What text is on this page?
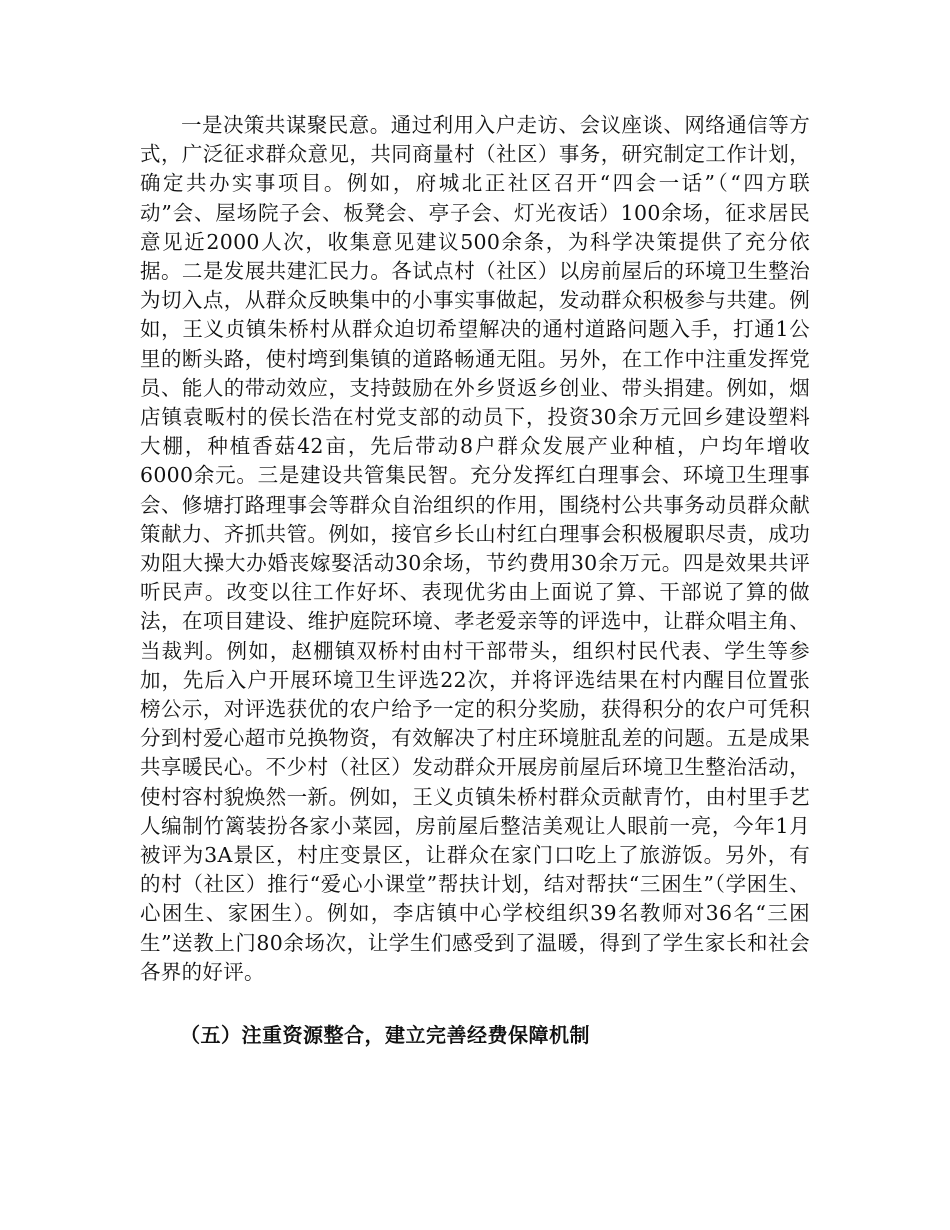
一是决策共谋聚民意。通过利用入户走访、会议座谈、网络通信等方式，广泛征求群众意见，共同商量村（社区）事务，研究制定工作计划，确定共办实事项目。例如，府城北正社区召开“四会一话”（“四方联动”会、屋场院子会、板凳会、亭子会、灯光夜话）100余场，征求居民意见近2000人次，收集意见建议500余条，为科学决策提供了充分依据。二是发展共建汇民力。各试点村（社区）以房前屋后的环境卫生整治为切入点，从群众反映集中的小事实事做起，发动群众积极参与共建。例如，王义贞镇朱桥村从群众迫切希望解决的通村道路问题入手，打通1公里的断头路，使村塆到集镇的道路畅通无阻。另外，在工作中注重发挥党员、能人的带动效应，支持鼓励在外乡贤返乡创业、带头捐建。例如，烟店镇袁畈村的侯长浩在村党支部的动员下，投资30余万元回乡建设塑料大棚，种植香菇42亩，先后带动8户群众发展产业种植，户均年增收6000余元。三是建设共管集民智。充分发挥红白理事会、环境卫生理事会、修塘打路理事会等群众自治组织的作用，围绕村公共事务动员群众献策献力、齐抓共管。例如，接官乡长山村红白理事会积极履职尽责，成功劝阻大操大办婚丧嫁娶活动30余场，节约费用30余万元。四是效果共评听民声。改变以往工作好坏、表现优劣由上面说了算、干部说了算的做法，在项目建设、维护庭院环境、孝老爱亲等的评选中，让群众唱主角、当裁判。例如，赵棚镇双桥村由村干部带头，组织村民代表、学生等参加，先后入户开展环境卫生评选22次，并将评选结果在村内醒目位置张榜公示，对评选获优的农户给予一定的积分奖励，获得积分的农户可凭积分到村爱心超市兑换物资，有效解决了村庄环境脏乱差的问题。五是成果共享暖民心。不少村（社区）发动群众开展房前屋后环境卫生整治活动，使村容村貌焕然一新。例如，王义贞镇朱桥村群众贡献青竹，由村里手艺人编制竹篱装扮各家小菜园，房前屋后整洁美观让人眼前一亮，今年1月被评为3A景区，村庄变景区，让群众在家门口吃上了旅游饭。另外，有的村（社区）推行“爱心小课堂”帮扶计划，结对帮扶“三困生”（学困生、心困生、家困生）。例如，李店镇中心学校组织39名教师对36名“三困生”送教上门80余场次，让学生们感受到了温暖，得到了学生家长和社会各界的好评。

（五）注重资源整合，建立完善经费保障机制
